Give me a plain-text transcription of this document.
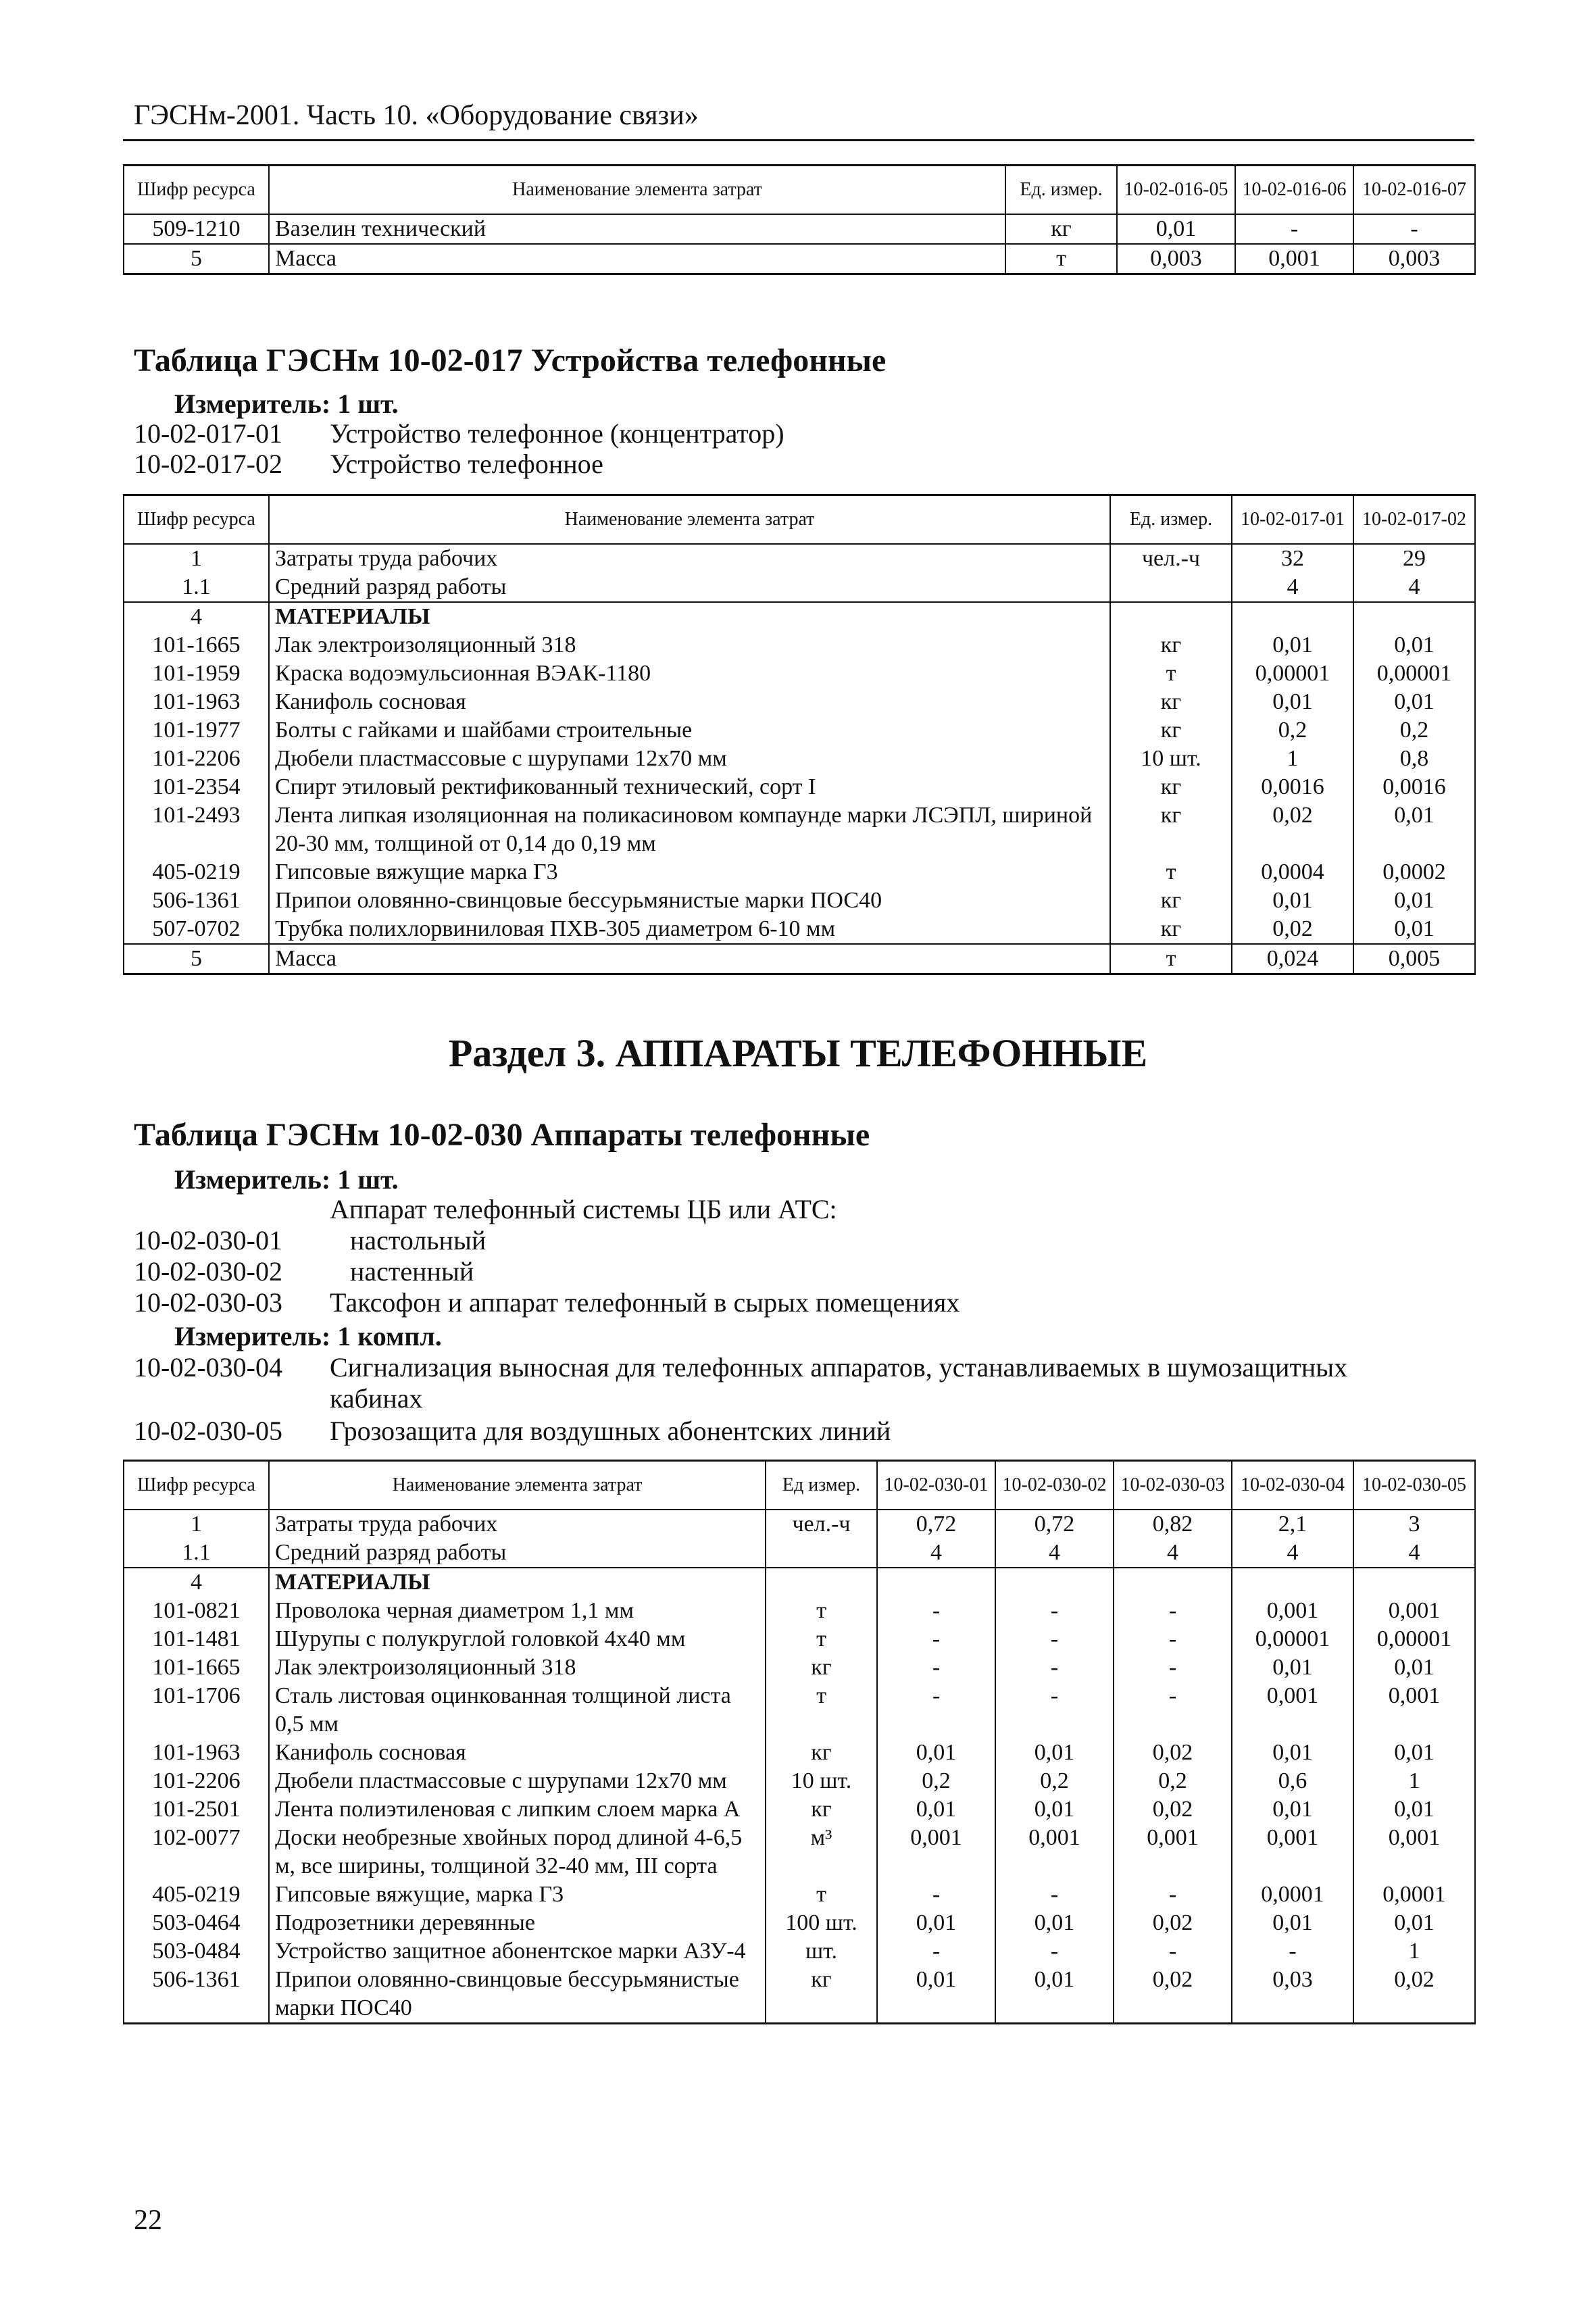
ГЭСНм-2001. Часть 10. «Оборудование связи»
Шифр ресурса	Наименование элемента затрат	Ед. измер.	10-02-016-05	10-02-016-06	10-02-016-07
509-1210	Вазелин технический	кг	0,01	-	-
5	Масса	т	0,003	0,001	0,003
Таблица ГЭСНм 10-02-017 Устройства телефонные
Измеритель: 1 шт.
10-02-017-01 Устройство телефонное (концентратор)
10-02-017-02 Устройство телефонное
Шифр ресурса	Наименование элемента затрат	Ед. измер.	10-02-017-01	10-02-017-02
1	Затраты труда рабочих	чел.-ч	32	29
1.1	Средний разряд работы		4	4
4	МАТЕРИАЛЫ			
101-1665	Лак электроизоляционный 318	кг	0,01	0,01
101-1959	Краска водоэмульсионная ВЭАК-1180	т	0,00001	0,00001
101-1963	Канифоль сосновая	кг	0,01	0,01
101-1977	Болты с гайками и шайбами строительные	кг	0,2	0,2
101-2206	Дюбели пластмассовые с шурупами 12х70 мм	10 шт.	1	0,8
101-2354	Спирт этиловый ректификованный технический, сорт I	кг	0,0016	0,0016
101-2493	Лента липкая изоляционная на поликасиновом компаунде марки ЛСЭПЛ, шириной 20-30 мм, толщиной от 0,14 до 0,19 мм	кг	0,02	0,01
405-0219	Гипсовые вяжущие марка Г3	т	0,0004	0,0002
506-1361	Припои оловянно-свинцовые бессурьмянистые марки ПОС40	кг	0,01	0,01
507-0702	Трубка полихлорвиниловая ПХВ-305 диаметром 6-10 мм	кг	0,02	0,01
5	Масса	т	0,024	0,005
Раздел 3. АППАРАТЫ ТЕЛЕФОННЫЕ
Таблица ГЭСНм 10-02-030 Аппараты телефонные
Измеритель: 1 шт.
Аппарат телефонный системы ЦБ или АТС:
10-02-030-01	настольный
10-02-030-02	настенный
10-02-030-03 Таксофон и аппарат телефонный в сырых помещениях
Измеритель: 1 компл.
10-02-030-04 Сигнализация выносная для телефонных аппаратов, устанавливаемых в шумозащитных
кабинах
10-02-030-05 Грозозащита для воздушных абонентских линий
Шифр ресурса	Наименование элемента затрат	Ед измер.	10-02-030-01	10-02-030-02	10-02-030-03	10-02-030-04	10-02-030-05
1	Затраты труда рабочих	чел.-ч	0,72	0,72	0,82	2,1	3
1.1	Средний разряд работы		4	4	4	4	4
4	МАТЕРИАЛЫ						
101-0821	Проволока черная диаметром 1,1 мм	т	-	-	-	0,001	0,001
101-1481	Шурупы с полукруглой головкой 4х40 мм	т	-	-	-	0,00001	0,00001
101-1665	Лак электроизоляционный 318	кг	-	-	-	0,01	0,01
101-1706	Сталь листовая оцинкованная толщиной листа 0,5 мм	т	-	-	-	0,001	0,001
101-1963	Канифоль сосновая	кг	0,01	0,01	0,02	0,01	0,01
101-2206	Дюбели пластмассовые с шурупами 12х70 мм	10 шт.	0,2	0,2	0,2	0,6	1
101-2501	Лента полиэтиленовая с липким слоем марка А	кг	0,01	0,01	0,02	0,01	0,01
102-0077	Доски необрезные хвойных пород длиной 4-6,5 м, все ширины, толщиной 32-40 мм, III сорта	м³	0,001	0,001	0,001	0,001	0,001
405-0219	Гипсовые вяжущие, марка Г3	т	-	-	-	0,0001	0,0001
503-0464	Подрозетники деревянные	100 шт.	0,01	0,01	0,02	0,01	0,01
503-0484	Устройство защитное абонентское марки АЗУ-4	шт.	-	-	-	-	1
506-1361	Припои оловянно-свинцовые бессурьмянистые марки ПОС40	кг	0,01	0,01	0,02	0,03	0,02
22
